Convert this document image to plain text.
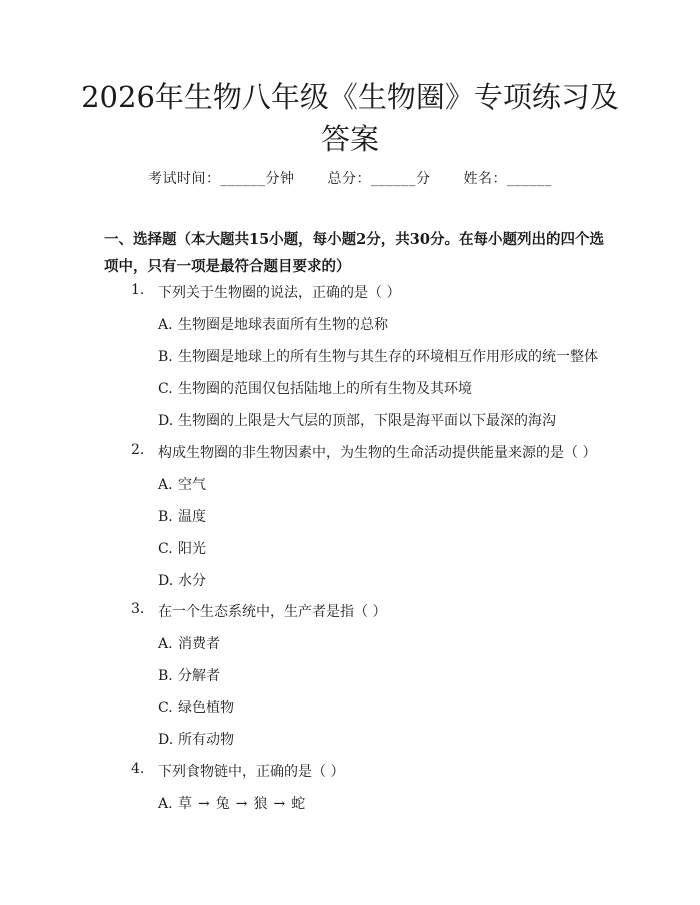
2026年生物八年级《生物圈》专项练习及答案
考试时间：______分钟 总分：______分 姓名：______
一、选择题（本大题共15小题，每小题2分，共30分。在每小题列出的四个选项中，只有一项是最符合题目要求的）
1. 下列关于生物圈的说法，正确的是（ ）
A. 生物圈是地球表面所有生物的总称
B. 生物圈是地球上的所有生物与其生存的环境相互作用形成的统一整体
C. 生物圈的范围仅包括陆地上的所有生物及其环境
D. 生物圈的上限是大气层的顶部，下限是海平面以下最深的海沟
2. 构成生物圈的非生物因素中，为生物的生命活动提供能量来源的是（ ）
A. 空气
B. 温度
C. 阳光
D. 水分
3. 在一个生态系统中，生产者是指（ ）
A. 消费者
B. 分解者
C. 绿色植物
D. 所有动物
4. 下列食物链中，正确的是（ ）
A. 草 → 兔 → 狼 → 蛇
